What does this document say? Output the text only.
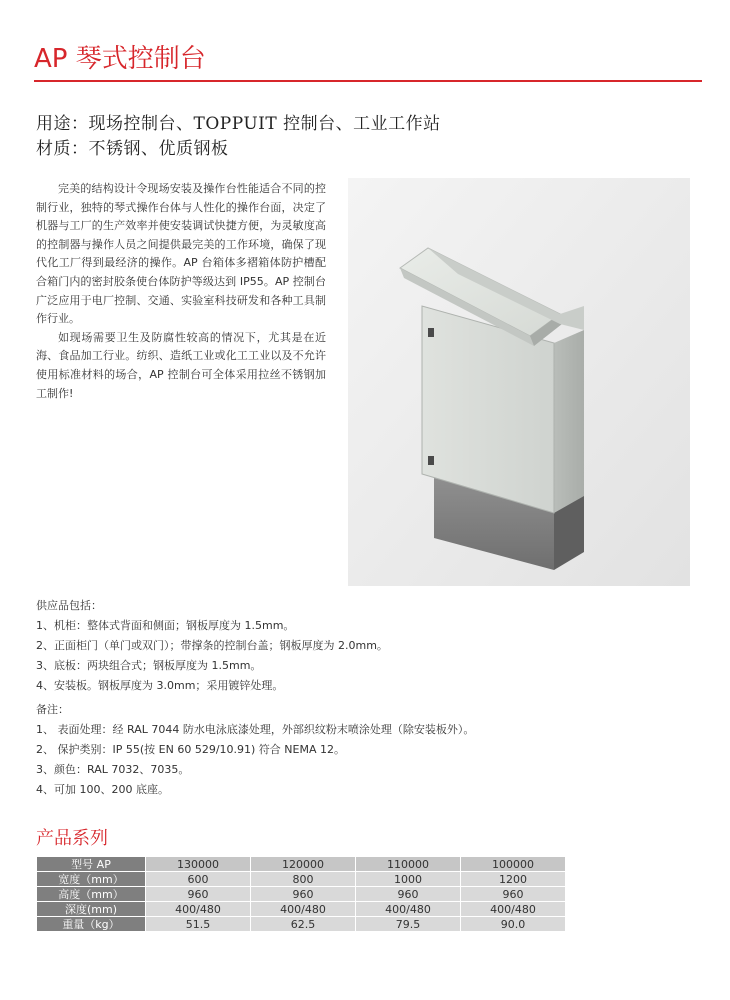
AP 琴式控制台
用途：现场控制台、TOPPUIT 控制台、工业工作站
材质：不锈钢、优质钢板

完美的结构设计令现场安装及操作台性能适合不同的控制行业，独特的琴式操作台体与人性化的操作台面，决定了机器与工厂的生产效率并使安装调试快捷方便，为灵敏度高的控制器与操作人员之间提供最完美的工作环境，确保了现代化工厂得到最经济的操作。AP 台箱体多褶箱体防护槽配合箱门内的密封胶条使台体防护等级达到 IP55。AP 控制台广泛应用于电厂控制、交通、实验室科技研发和各种工具制作行业。

如现场需要卫生及防腐性较高的情况下，尤其是在近海、食品加工行业。纺织、造纸工业或化工工业以及不允许使用标准材料的场合，AP 控制台可全体采用拉丝不锈钢加工制作!

供应品包括：
1、机柜：整体式背面和侧面；钢板厚度为 1.5mm。
2、正面柜门（单门或双门）；带撑条的控制台盖；钢板厚度为 2.0mm。
3、底板：两块组合式；钢板厚度为 1.5mm。
4、安装板。钢板厚度为 3.0mm；采用镀锌处理。
备注：
1、 表面处理：经 RAL 7044 防水电泳底漆处理，外部织纹粉末喷涂处理（除安装板外）。
2、 保护类别：IP 55(按 EN 60 529/10.91) 符合 NEMA 12。
3、颜色：RAL 7032、7035。
4、可加 100、200 底座。
产品系列
型号 AP	130000	120000	110000	100000
宽度（mm）	600	800	1000	1200
高度（mm）	960	960	960	960
深度(mm)	400/480	400/480	400/480	400/480
重量（kg）	51.5	62.5	79.5	90.0
